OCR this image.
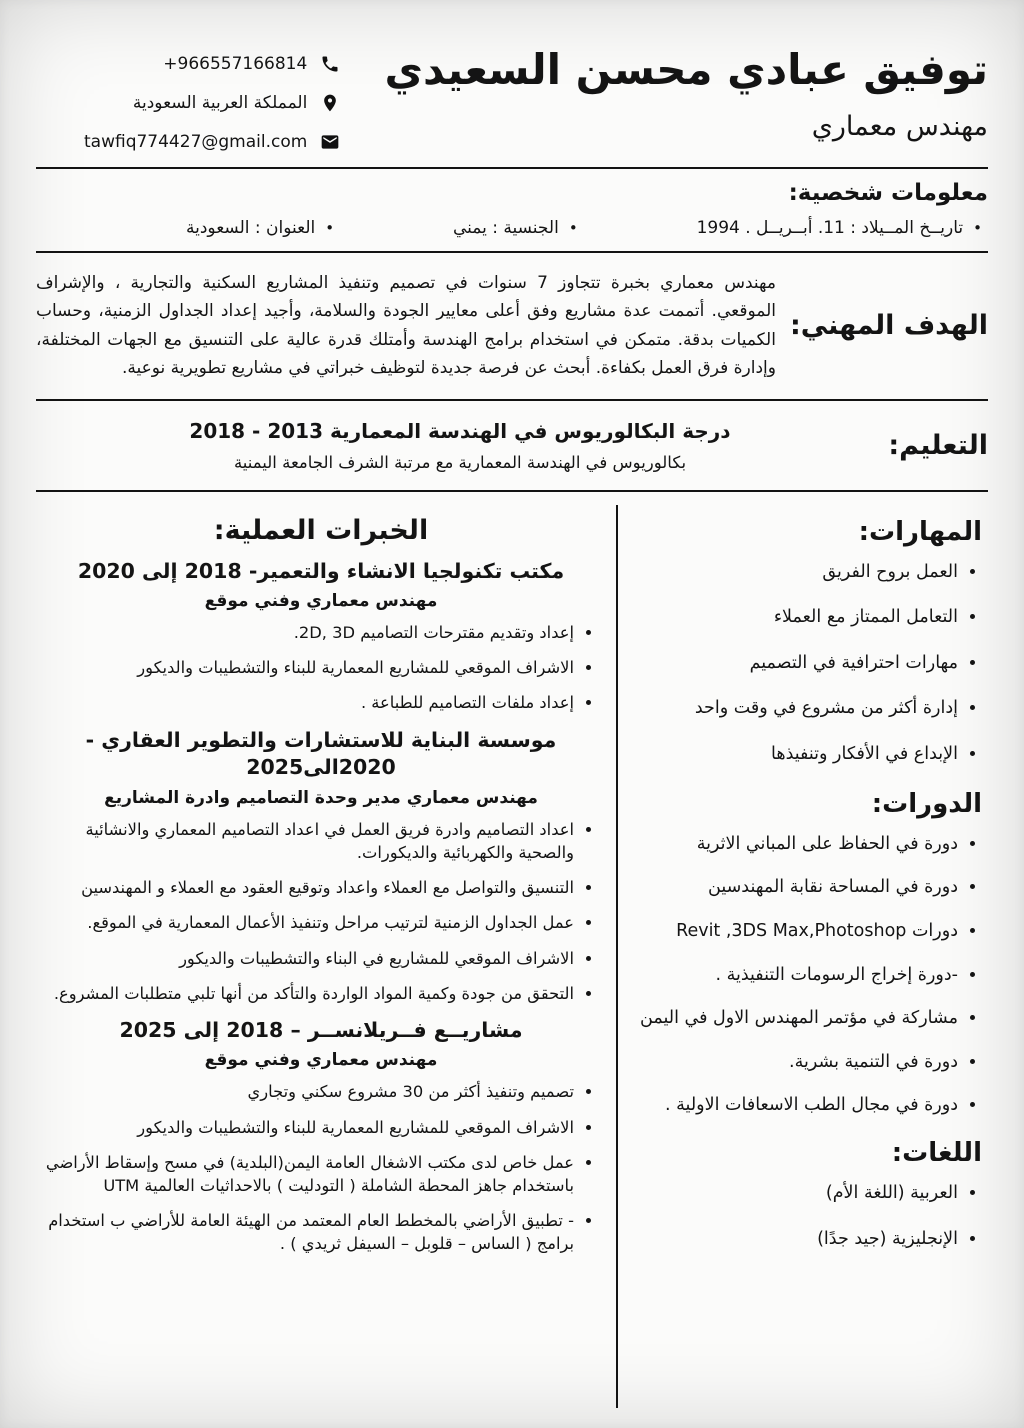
توفيق عبادي محسن السعيدي
مهندس معماري
+966557166814
المملكة العربية السعودية
tawfiq774427@gmail.com
معلومات شخصية:
• تاريــخ المــيلاد : 11. أبــريــل . 1994
• الجنسية : يمني
• العنوان : السعودية
الهدف المهني:

مهندس معماري بخبرة تتجاوز 7 سنوات في تصميم وتنفيذ المشاريع السكنية والتجارية ، والإشراف الموقعي. أتممت عدة مشاريع وفق أعلى معايير الجودة والسلامة، وأجيد إعداد الجداول الزمنية، وحساب الكميات بدقة. متمكن في استخدام برامج الهندسة وأمتلك قدرة عالية على التنسيق مع الجهات المختلفة، وإدارة فرق العمل بكفاءة. أبحث عن فرصة جديدة لتوظيف خبراتي في مشاريع تطويرية نوعية.

التعليم:
درجة البكالوريوس في الهندسة المعمارية 2013 - 2018
بكالوريوس في الهندسة المعمارية مع مرتبة الشرف الجامعة اليمنية
المهارات:
• العمل بروح الفريق
• التعامل الممتاز مع العملاء
• مهارات احترافية في التصميم
• إدارة أكثر من مشروع في وقت واحد
• الإبداع في الأفكار وتنفيذها
الدورات:
• دورة في الحفاظ على المباني الاثرية
• دورة في المساحة نقابة المهندسين
• دورات Revit ,3DS Max,Photoshop
• -دورة إخراج الرسومات التنفيذية .
• مشاركة في مؤتمر المهندس الاول في اليمن
• دورة في التنمية بشرية.
• دورة في مجال الطب الاسعافات الاولية .
اللغات:
• العربية (اللغة الأم)
• الإنجليزية (جيد جدًا)
الخبرات العملية:
مكتب تكنولجيا الانشاء والتعمير- 2018 إلى 2020
مهندس معماري وفني موقع
• إعداد وتقديم مقترحات التصاميم 2D, 3D.
• الاشراف الموقعي للمشاريع المعمارية للبناء والتشطيبات والديكور
• إعداد ملفات التصاميم للطباعة .
موسسة البناية للاستشارات والتطوير العقاري - 2020الى2025
مهندس معماري مدير وحدة التصاميم وادرة المشاريع
• اعداد التصاميم وادرة فريق العمل في اعداد التصاميم المعماري والانشائية والصحية والكهربائية والديكورات.
• التنسيق والتواصل مع العملاء واعداد وتوقيع العقود مع العملاء و المهندسين
• عمل الجداول الزمنية لترتيب مراحل وتنفيذ الأعمال المعمارية في الموقع.
• الاشراف الموقعي للمشاريع في البناء والتشطيبات والديكور
• التحقق من جودة وكمية المواد الواردة والتأكد من أنها تلبي متطلبات المشروع.
مشاريــع فــريلانســر – 2018 إلى 2025
مهندس معماري وفني موقع
• تصميم وتنفيذ أكثر من 30 مشروع سكني وتجاري
• الاشراف الموقعي للمشاريع المعمارية للبناء والتشطيبات والديكور
• عمل خاص لدى مكتب الاشغال العامة اليمن(البلدية) في مسح وإسقاط الأراضي باستخدام جاهز المحطة الشاملة ( التودليت ) بالاحداثيات العالمية UTM
• - تطبيق الأراضي بالمخطط العام المعتمد من الهيئة العامة للأراضي ب استخدام برامج ( الساس – قلوبل – السيفل ثريدي ) .
